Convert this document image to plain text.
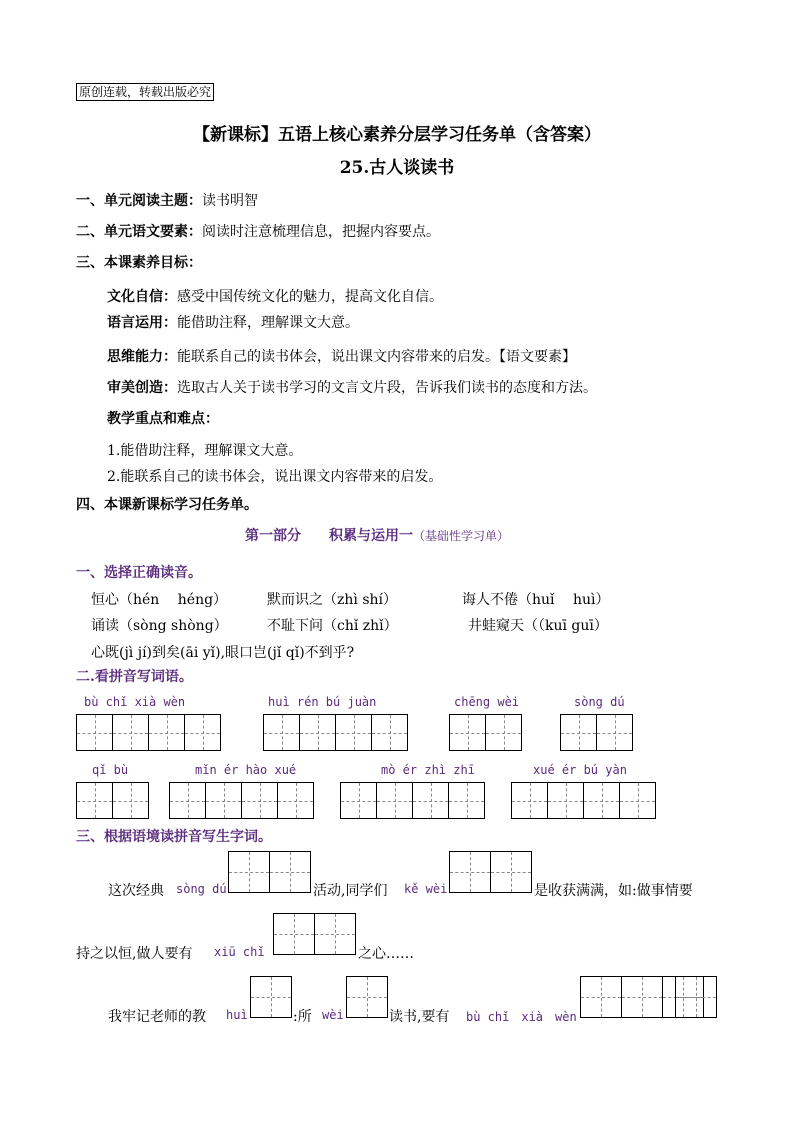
原创连载，转载出版必究
【新课标】五语上核心素养分层学习任务单（含答案）
25.古人谈读书
一、单元阅读主题：读书明智
二、单元语文要素：阅读时注意梳理信息，把握内容要点。
三、本课素养目标：
文化自信：感受中国传统文化的魅力，提高文化自信。
语言运用：能借助注释，理解课文大意。
思维能力：能联系自己的读书体会，说出课文内容带来的启发。【语文要素】
审美创造：选取古人关于读书学习的文言文片段，告诉我们读书的态度和方法。
教学重点和难点：
1.能借助注释，理解课文大意。
2.能联系自己的读书体会，说出课文内容带来的启发。
四、本课新课标学习任务单。
第一部分　　积累与运用一（基础性学习单）
一、选择正确读音。
恒心（hén　 héng）	默而识之（zhì shí）	诲人不倦（huǐ　 huì）
诵读（sòng shòng）	不耻下问（chǐ zhǐ）	井蛙窥天（（kuī guī）
心既(jì jí)到矣(āi yǐ),眼口岂(jǐ qǐ)不到乎?
二.看拼音写词语。
bù chǐ xià wèn	huì rén bú juàn	chēng wèi	sòng dú
qǐ bù	mǐn ér hào xué	mò ér zhì zhī	xué ér bú yàn
三、根据语境读拼音写生字词。
这次经典 sòng dú	活动,同学们 kě wèi	是收获满满，如:做事情要
持之以恒,做人要有 xiū chǐ	之心……
我牢记老师的教 huì	:所 wèi	读书,要有 bù chǐ　xià　wèn
